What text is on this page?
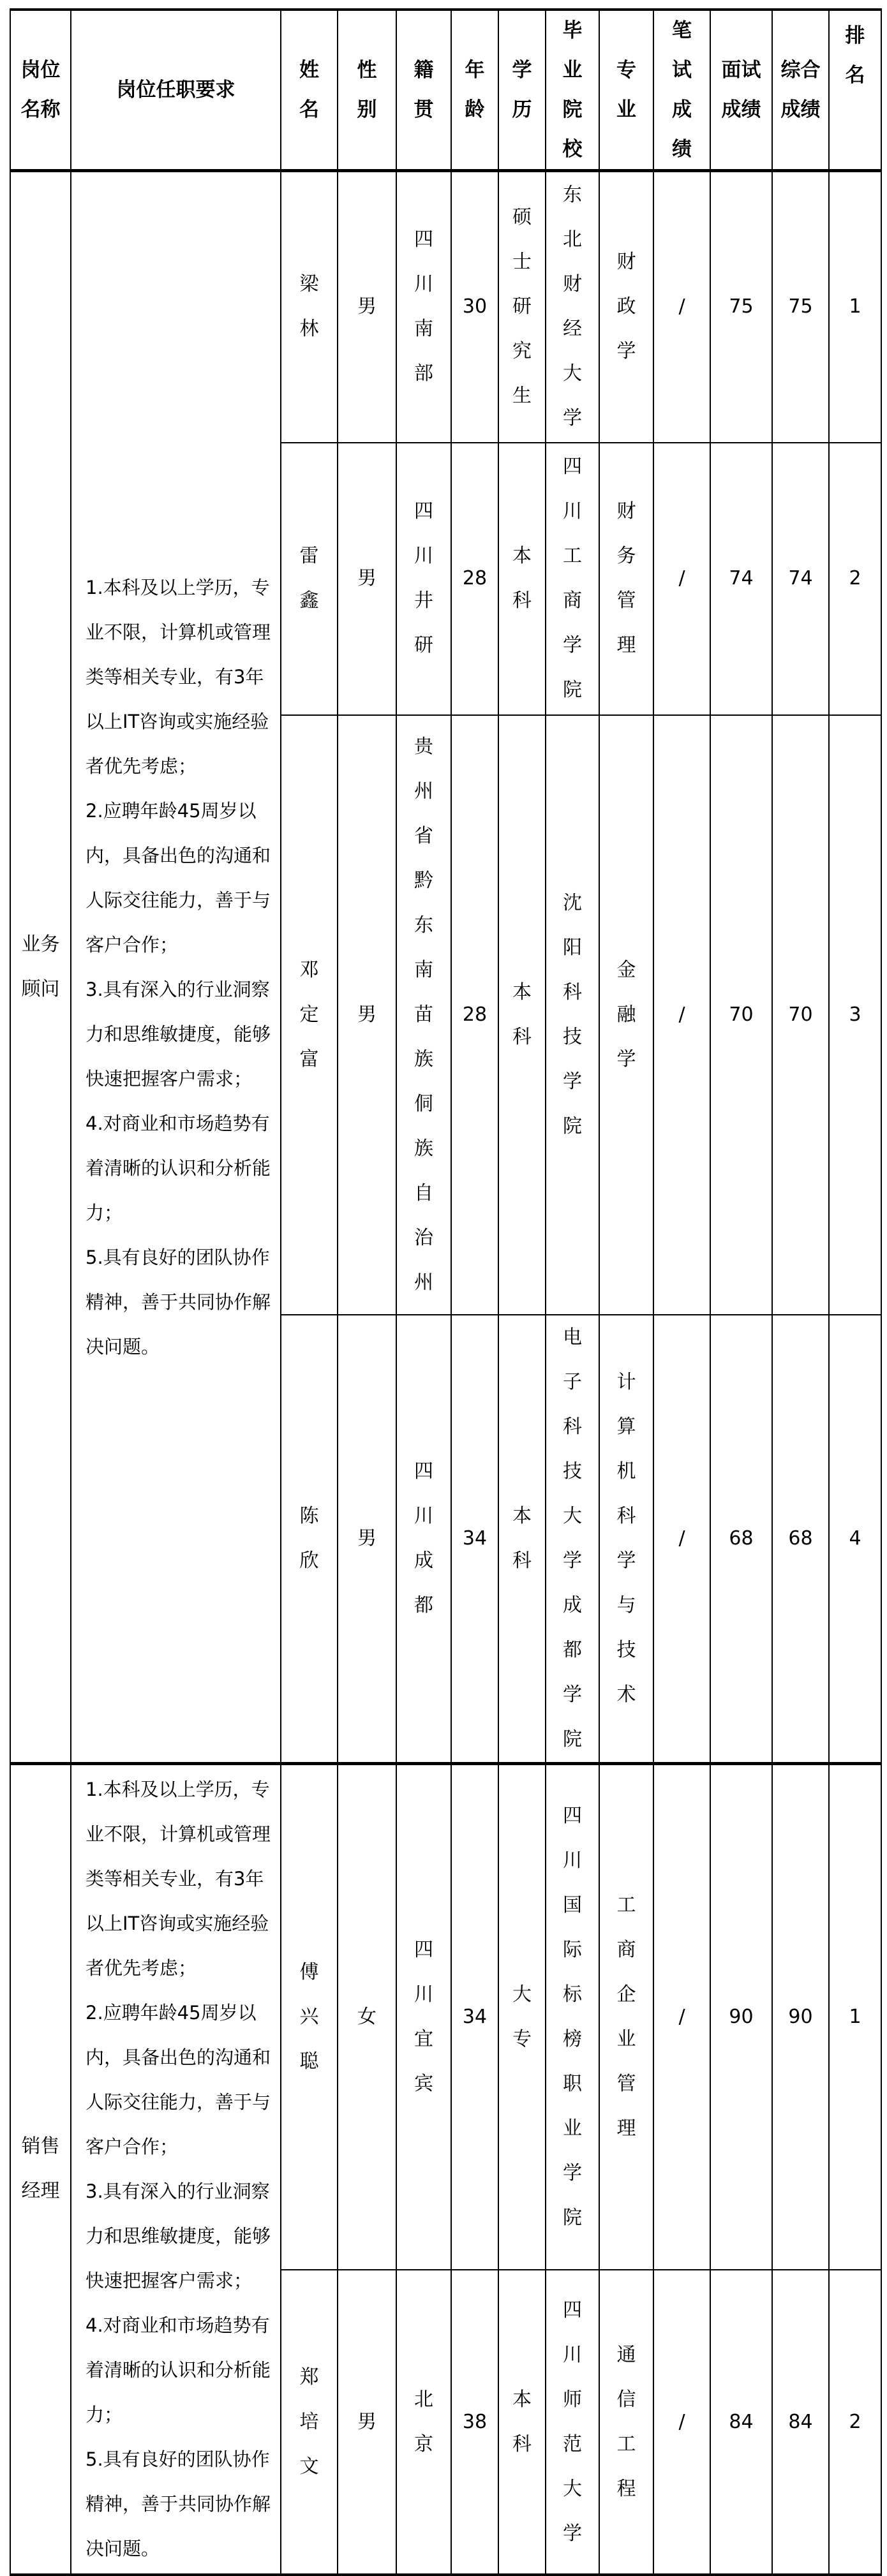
岗位名称	岗位任职要求	姓名	性别	籍贯	年龄	学历	毕业院校	专业	笔试成绩	面试成绩	综合成绩	排名
业务顾问	1.本科及以上学历，专业不限，计算机或管理类等相关专业，有3年以上IT咨询或实施经验者优先考虑；
2.应聘年龄45周岁以内，具备出色的沟通和人际交往能力，善于与客户合作；
3.具有深入的行业洞察力和思维敏捷度，能够快速把握客户需求；
4.对商业和市场趋势有着清晰的认识和分析能力；
5.具有良好的团队协作精神，善于共同协作解决问题。	梁林	男	四川南部	30	硕士研究生	东北财经大学	财政学	/	75	75	1
		雷鑫	男	四川井研	28	本科	四川工商学院	财务管理	/	74	74	2
		邓定富	男	贵州省黔东南苗族侗族自治州	28	本科	沈阳科技学院	金融学	/	70	70	3
		陈欣	男	四川成都	34	本科	电子科技大学成都学院	计算机科学与技术	/	68	68	4
销售经理	1.本科及以上学历，专业不限，计算机或管理类等相关专业，有3年以上IT咨询或实施经验者优先考虑；
2.应聘年龄45周岁以内，具备出色的沟通和人际交往能力，善于与客户合作；
3.具有深入的行业洞察力和思维敏捷度，能够快速把握客户需求；
4.对商业和市场趋势有着清晰的认识和分析能力；
5.具有良好的团队协作精神，善于共同协作解决问题。	傅兴聪	女	四川宜宾	34	大专	四川国际标榜职业学院	工商企业管理	/	90	90	1
		郑培文	男	北京	38	本科	四川师范大学	通信工程	/	84	84	2
